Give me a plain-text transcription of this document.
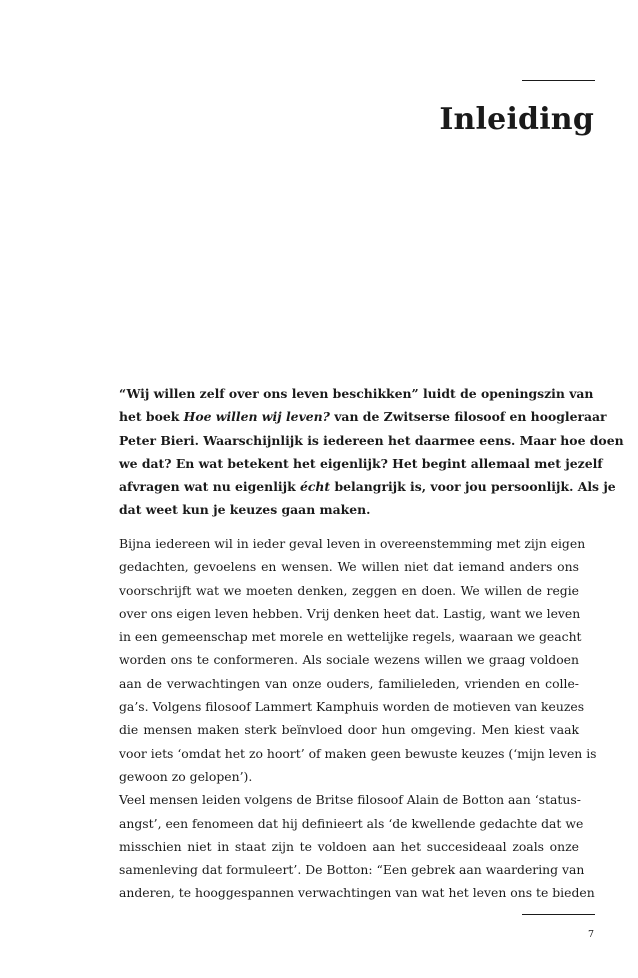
Inleiding
“Wij willen zelf over ons leven beschikken” luidt de openingszin van
het boek Hoe willen wij leven? van de Zwitserse filosoof en hoogleraar
Peter Bieri. Waarschijnlijk is iedereen het daarmee eens. Maar hoe doen
we dat? En wat betekent het eigenlijk? Het begint allemaal met jezelf
afvragen wat nu eigenlijk écht belangrijk is, voor jou persoonlijk. Als je
dat weet kun je keuzes gaan maken.
Bijna iedereen wil in ieder geval leven in overeenstemming met zijn eigen
gedachten, gevoelens en wensen. We willen niet dat iemand anders ons
voorschrijft wat we moeten denken, zeggen en doen. We willen de regie
over ons eigen leven hebben. Vrij denken heet dat. Lastig, want we leven
in een gemeenschap met morele en wettelijke regels, waaraan we geacht
worden ons te conformeren. Als sociale wezens willen we graag voldoen
aan de verwachtingen van onze ouders, familieleden, vrienden en colle-
ga’s. Volgens filosoof Lammert Kamphuis worden de motieven van keuzes
die mensen maken sterk beïnvloed door hun omgeving. Men kiest vaak
voor iets ‘omdat het zo hoort’ of maken geen bewuste keuzes (‘mijn leven is
gewoon zo gelopen’).
Veel mensen leiden volgens de Britse filosoof Alain de Botton aan ‘status-
angst’, een fenomeen dat hij definieert als ‘de kwellende gedachte dat we
misschien niet in staat zijn te voldoen aan het succesideaal zoals onze
samenleving dat formuleert’. De Botton: “Een gebrek aan waardering van
anderen, te hooggespannen verwachtingen van wat het leven ons te bieden
7
